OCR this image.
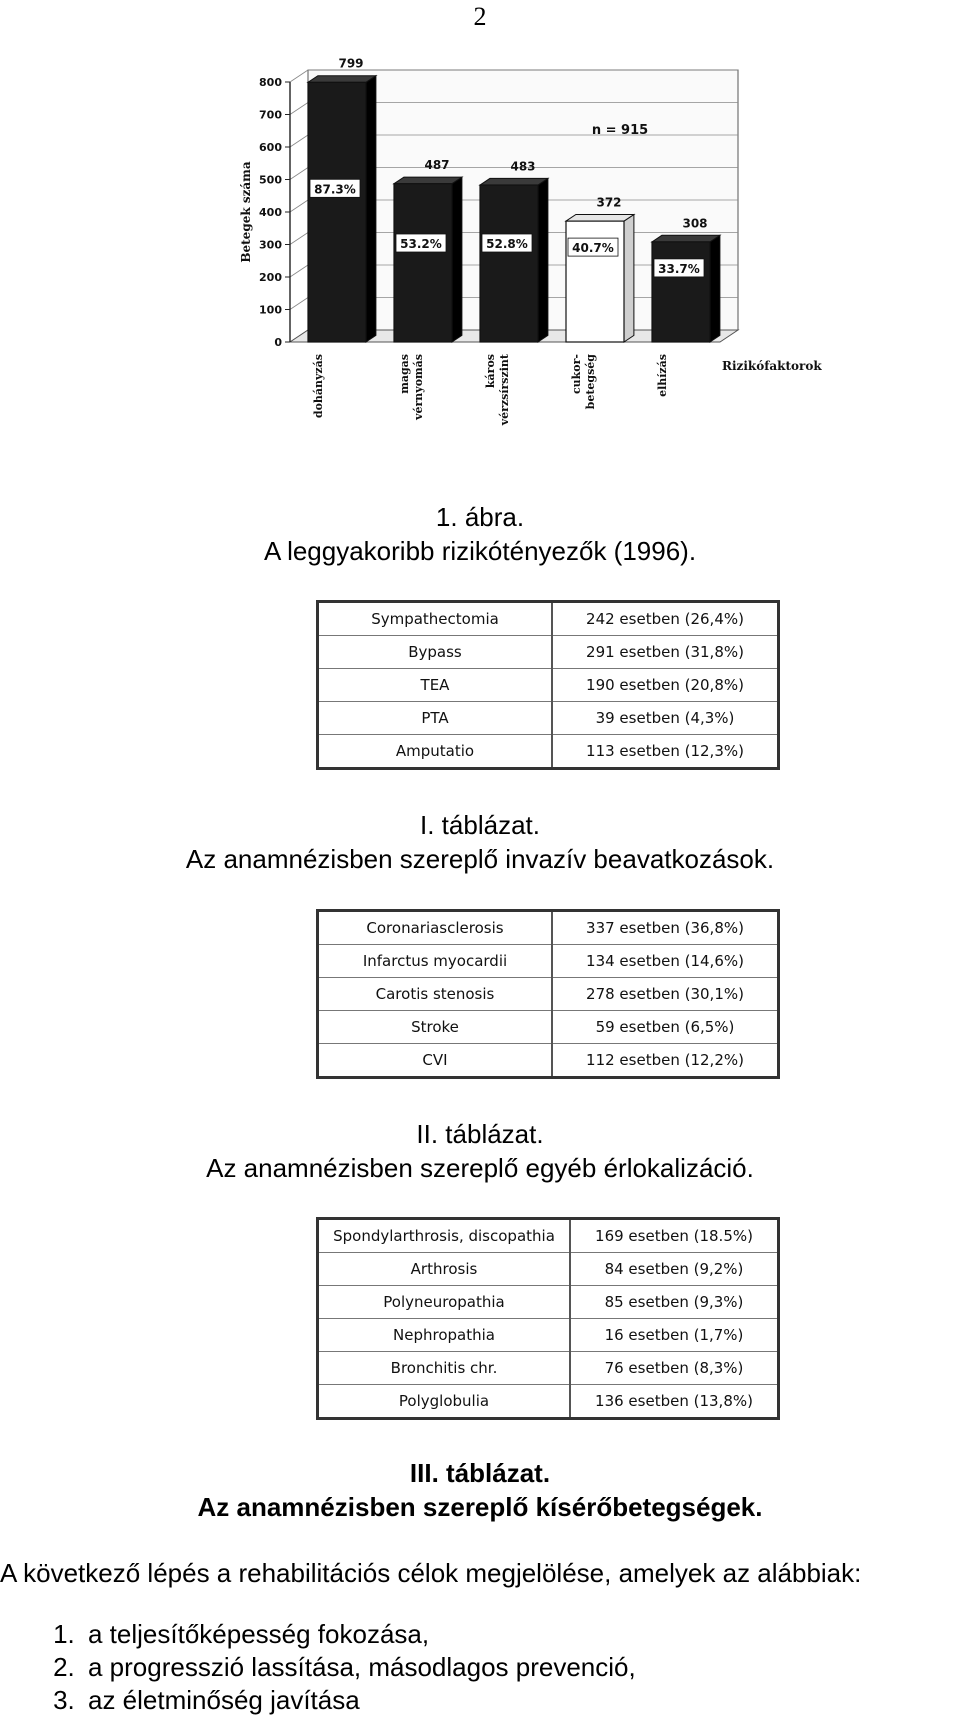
2
0
100
200
300
400
500
600
700
800
Betegek száma
799
87.3%
dohányzás
487
53.2%
magas vérnyomás
483
52.8%
káros vérzsírszint
372
40.7%
cukor- betegség
308
33.7%
elhízás	Rizikófaktorok
n = 915
1. ábra.
A leggyakoribb rizikótényezők (1996).
Sympathectomia	242 esetben (26,4%)
Bypass	291 esetben (31,8%)
TEA	190 esetben (20,8%)
PTA	39 esetben (4,3%)
Amputatio	113 esetben (12,3%)
I. táblázat.
Az anamnézisben szereplő invazív beavatkozások.
Coronariasclerosis	337 esetben (36,8%)
Infarctus myocardii	134 esetben (14,6%)
Carotis stenosis	278 esetben (30,1%)
Stroke	59 esetben (6,5%)
CVI	112 esetben (12,2%)
II. táblázat.
Az anamnézisben szereplő egyéb érlokalizáció.
Spondylarthrosis, discopathia	169 esetben (18.5%)
Arthrosis	84 esetben (9,2%)
Polyneuropathia	85 esetben (9,3%)
Nephropathia	16 esetben (1,7%)
Bronchitis chr.	76 esetben (8,3%)
Polyglobulia	136 esetben (13,8%)
III. táblázat.
Az anamnézisben szereplő kísérőbetegségek.
A következő lépés a rehabilitációs célok megjelölése, amelyek az alábbiak:
1. a teljesítőképesség fokozása,
2. a progresszió lassítása, másodlagos prevenció,
3. az életminőség javítása
